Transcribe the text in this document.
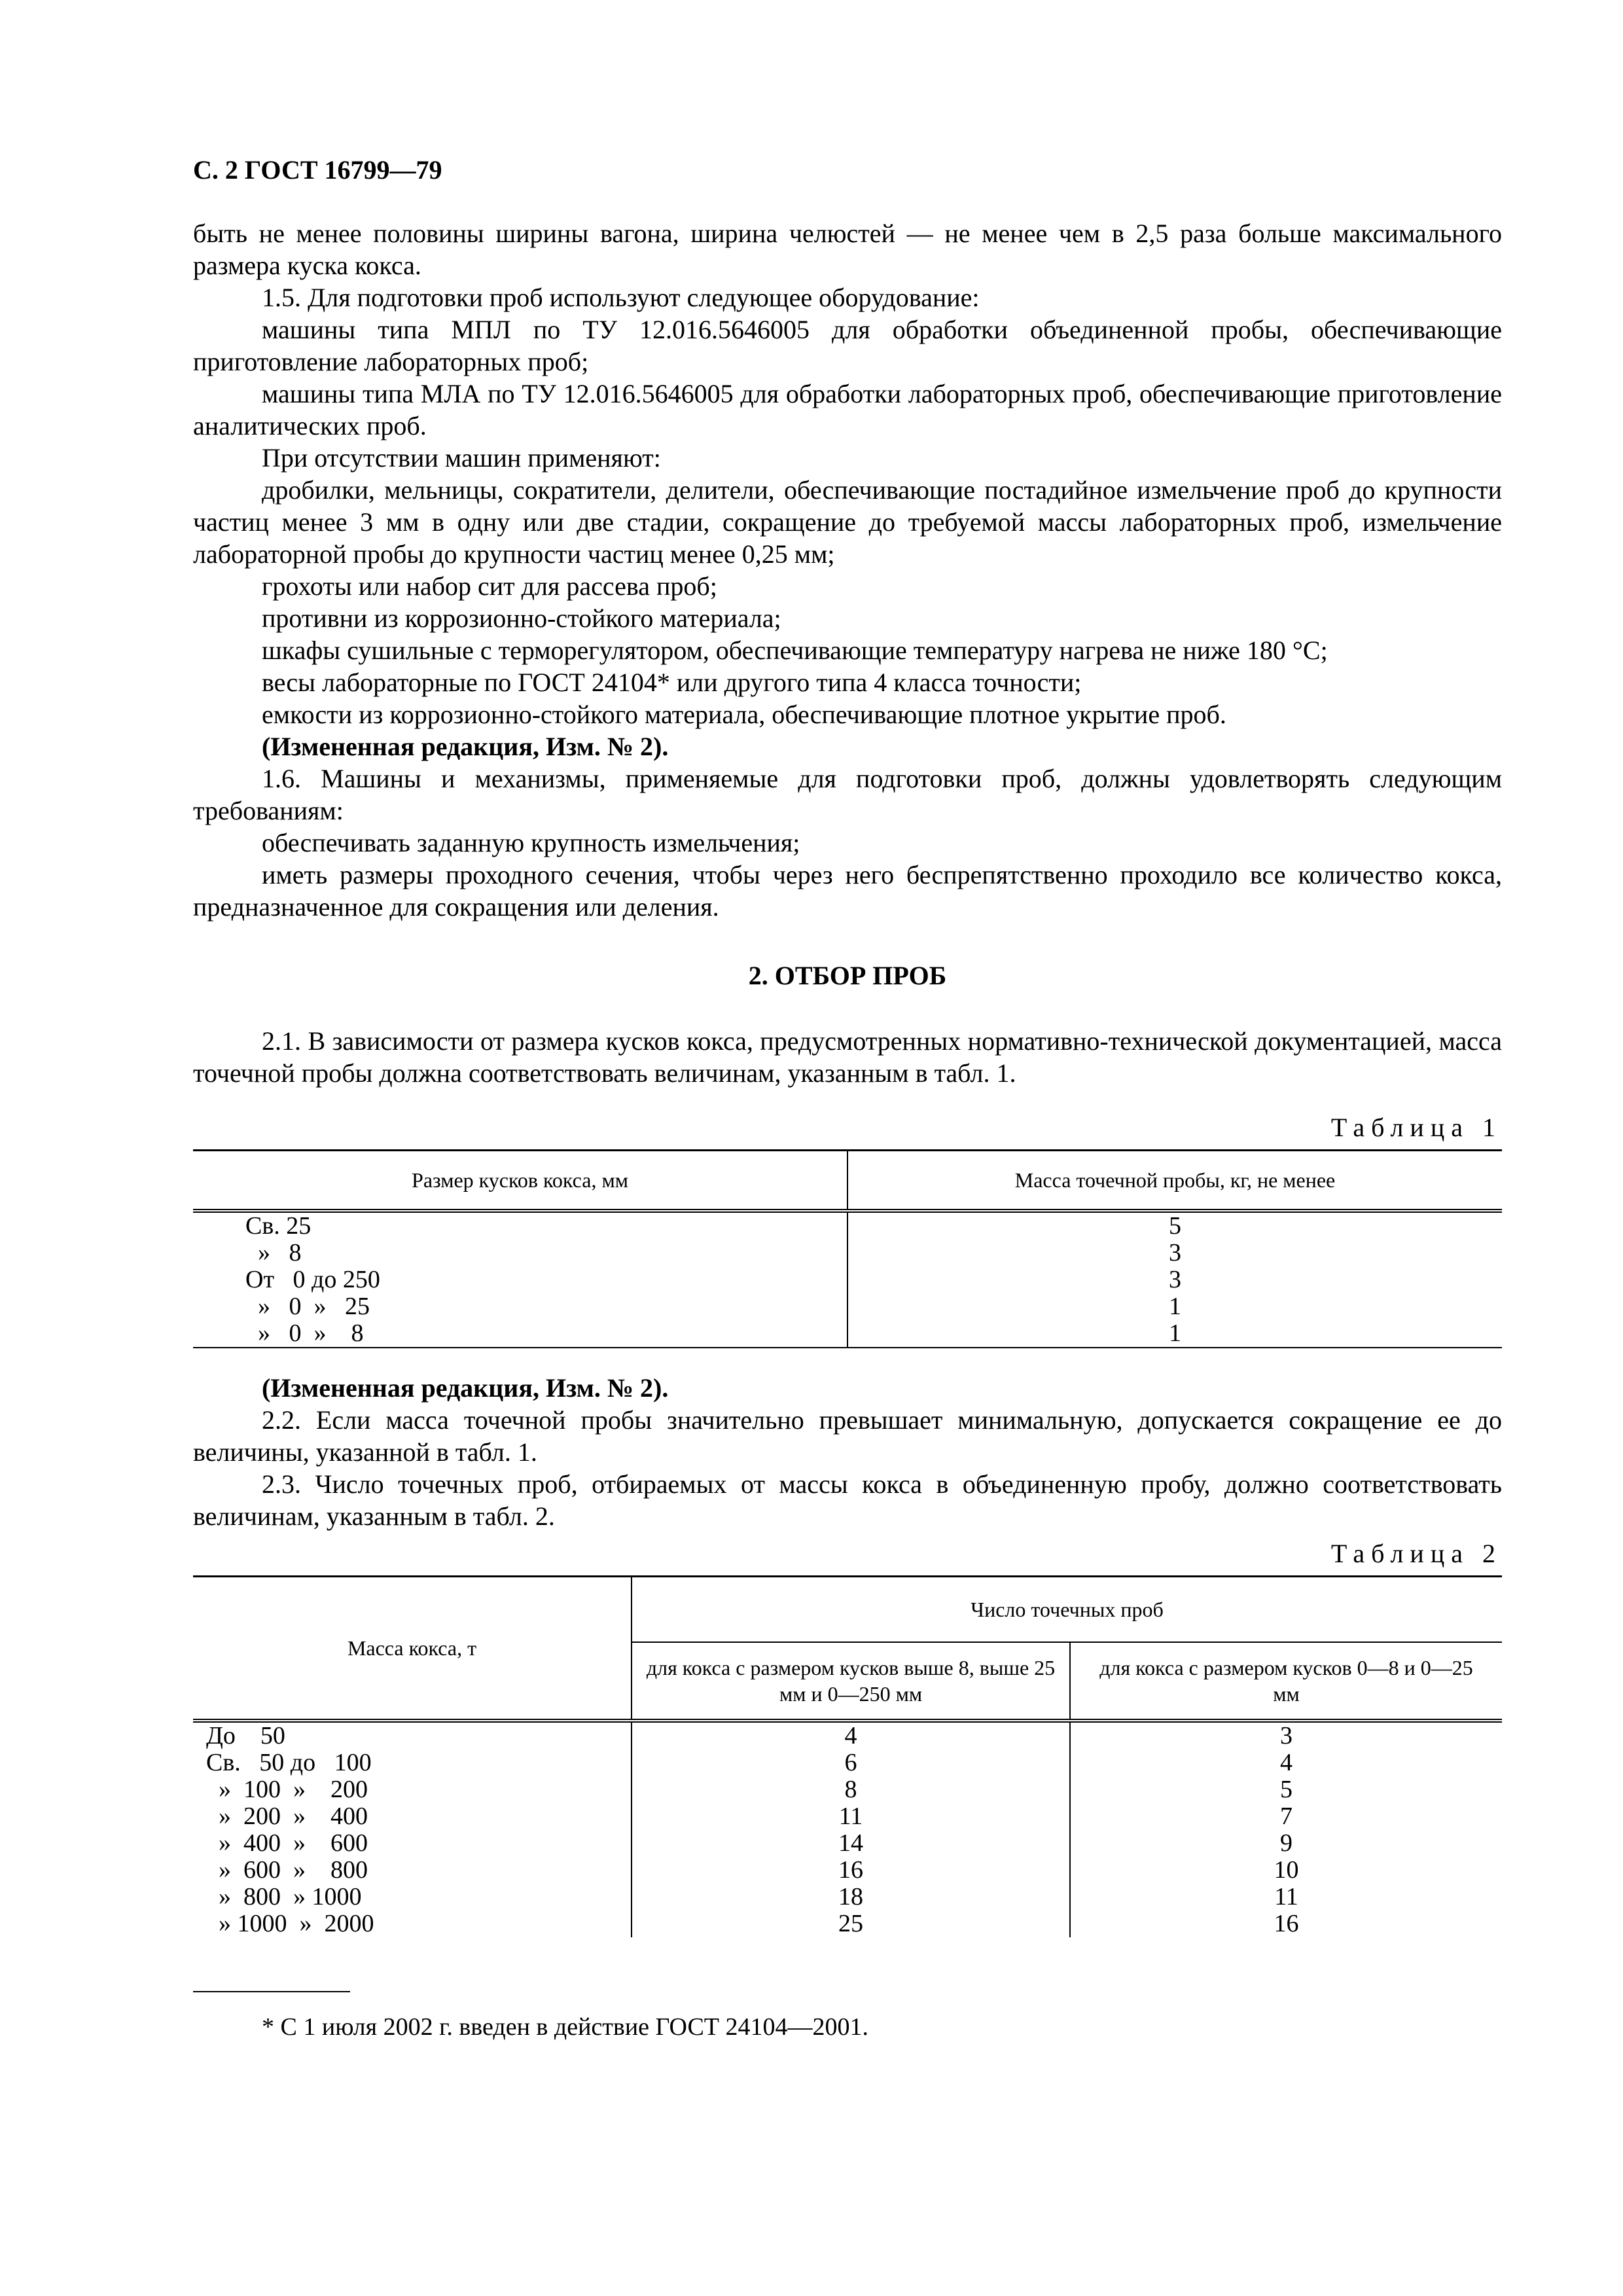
С. 2 ГОСТ 16799—79

быть не менее половины ширины вагона, ширина челюстей — не менее чем в 2,5 раза больше максимального размера куска кокса.

1.5. Для подготовки проб используют следующее оборудование:

машины типа МПЛ по ТУ 12.016.5646005 для обработки объединенной пробы, обеспечивающие приготовление лабораторных проб;

машины типа МЛА по ТУ 12.016.5646005 для обработки лабораторных проб, обеспечивающие приготовление аналитических проб.

При отсутствии машин применяют:

дробилки, мельницы, сократители, делители, обеспечивающие постадийное измельчение проб до крупности частиц менее 3 мм в одну или две стадии, сокращение до требуемой массы лабораторных проб, измельчение лабораторной пробы до крупности частиц менее 0,25 мм;

грохоты или набор сит для рассева проб;

противни из коррозионно-стойкого материала;

шкафы сушильные с терморегулятором, обеспечивающие температуру нагрева не ниже 180 °С;

весы лабораторные по ГОСТ 24104* или другого типа 4 класса точности;

емкости из коррозионно-стойкого материала, обеспечивающие плотное укрытие проб.

(Измененная редакция, Изм. № 2).

1.6. Машины и механизмы, применяемые для подготовки проб, должны удовлетворять следующим требованиям:

обеспечивать заданную крупность измельчения;

иметь размеры проходного сечения, чтобы через него беспрепятственно проходило все количество кокса, предназначенное для сокращения или деления.

2. ОТБОР ПРОБ

2.1. В зависимости от размера кусков кокса, предусмотренных нормативно-технической документацией, масса точечной пробы должна соответствовать величинам, указанным в табл. 1.

Таблица 1
Размер кусков кокса, мм	Масса точечной пробы, кг, не менее
Св. 25	5
»   8	3
От   0 до 250	3
»   0  »   25	1
»   0  »    8	1

(Измененная редакция, Изм. № 2).

2.2. Если масса точечной пробы значительно превышает минимальную, допускается сокращение ее до величины, указанной в табл. 1.

2.3. Число точечных проб, отбираемых от массы кокса в объединенную пробу, должно соответствовать величинам, указанным в табл. 2.

Таблица 2
Масса кокса, т	Число точечных проб	
	для кокса с размером кусков выше 8, выше 25 мм и 0—250 мм	для кокса с размером кусков 0—8 и 0—25 мм
До    50	4	3
Св.   50 до   100	6	4
»  100  »    200	8	5
»  200  »    400	11	7
»  400  »    600	14	9
»  600  »    800	16	10
»  800  » 1000	18	11
» 1000  »  2000	25	16
* С 1 июля 2002 г. введен в действие ГОСТ 24104—2001.
